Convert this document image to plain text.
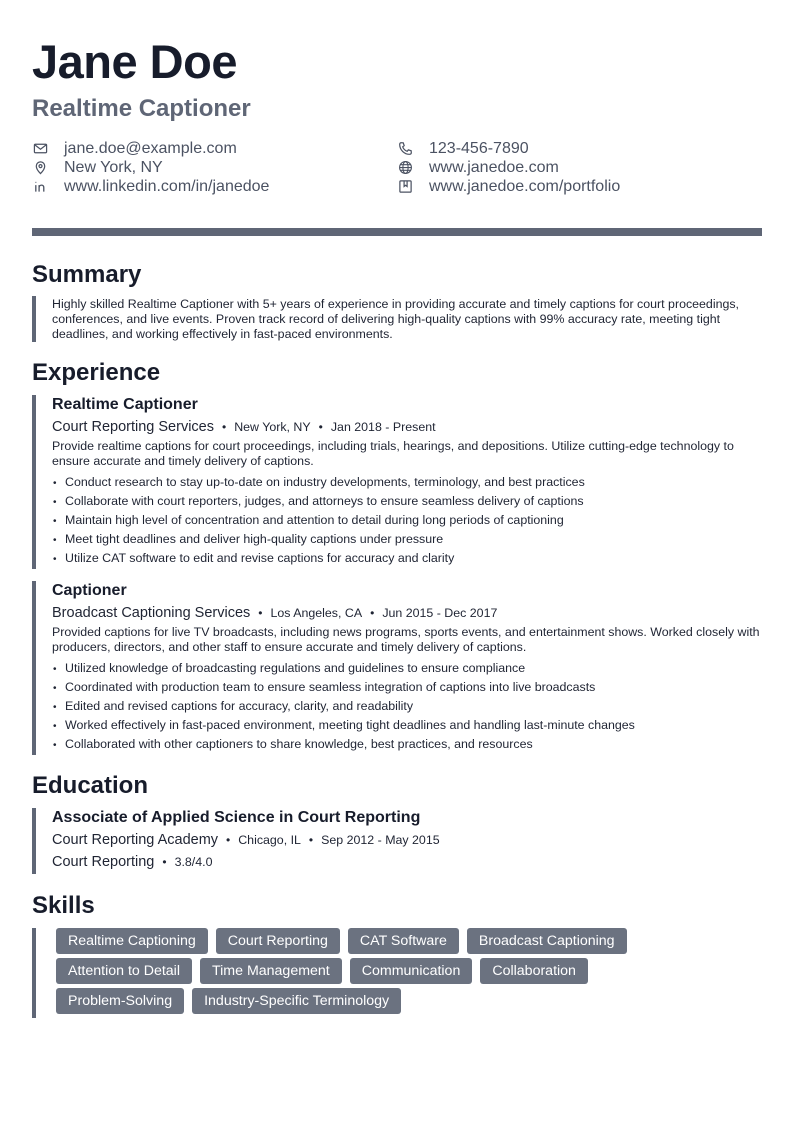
Jane Doe
Realtime Captioner
jane.doe@example.com
New York, NY
www.linkedin.com/in/janedoe
123-456-7890
www.janedoe.com
www.janedoe.com/portfolio
Summary

Highly skilled Realtime Captioner with 5+ years of experience in providing accurate and timely captions for court proceedings, conferences, and live events. Proven track record of delivering high-quality captions with 99% accuracy rate, meeting tight deadlines, and working effectively in fast-paced environments.

Experience
Realtime Captioner
Court Reporting Services • New York, NY • Jan 2018 - Present

Provide realtime captions for court proceedings, including trials, hearings, and depositions. Utilize cutting-edge technology to ensure accurate and timely delivery of captions.

• Conduct research to stay up-to-date on industry developments, terminology, and best practices
• Collaborate with court reporters, judges, and attorneys to ensure seamless delivery of captions
• Maintain high level of concentration and attention to detail during long periods of captioning
• Meet tight deadlines and deliver high-quality captions under pressure
• Utilize CAT software to edit and revise captions for accuracy and clarity
Captioner
Broadcast Captioning Services • Los Angeles, CA • Jun 2015 - Dec 2017

Provided captions for live TV broadcasts, including news programs, sports events, and entertainment shows. Worked closely with producers, directors, and other staff to ensure accurate and timely delivery of captions.

• Utilized knowledge of broadcasting regulations and guidelines to ensure compliance
• Coordinated with production team to ensure seamless integration of captions into live broadcasts
• Edited and revised captions for accuracy, clarity, and readability
• Worked effectively in fast-paced environment, meeting tight deadlines and handling last-minute changes
• Collaborated with other captioners to share knowledge, best practices, and resources
Education
Associate of Applied Science in Court Reporting
Court Reporting Academy • Chicago, IL • Sep 2012 - May 2015
Court Reporting • 3.8/4.0
Skills
Realtime Captioning	Court Reporting	CAT Software	Broadcast Captioning
Attention to Detail	Time Management	Communication	Collaboration
Problem-Solving	Industry-Specific Terminology
